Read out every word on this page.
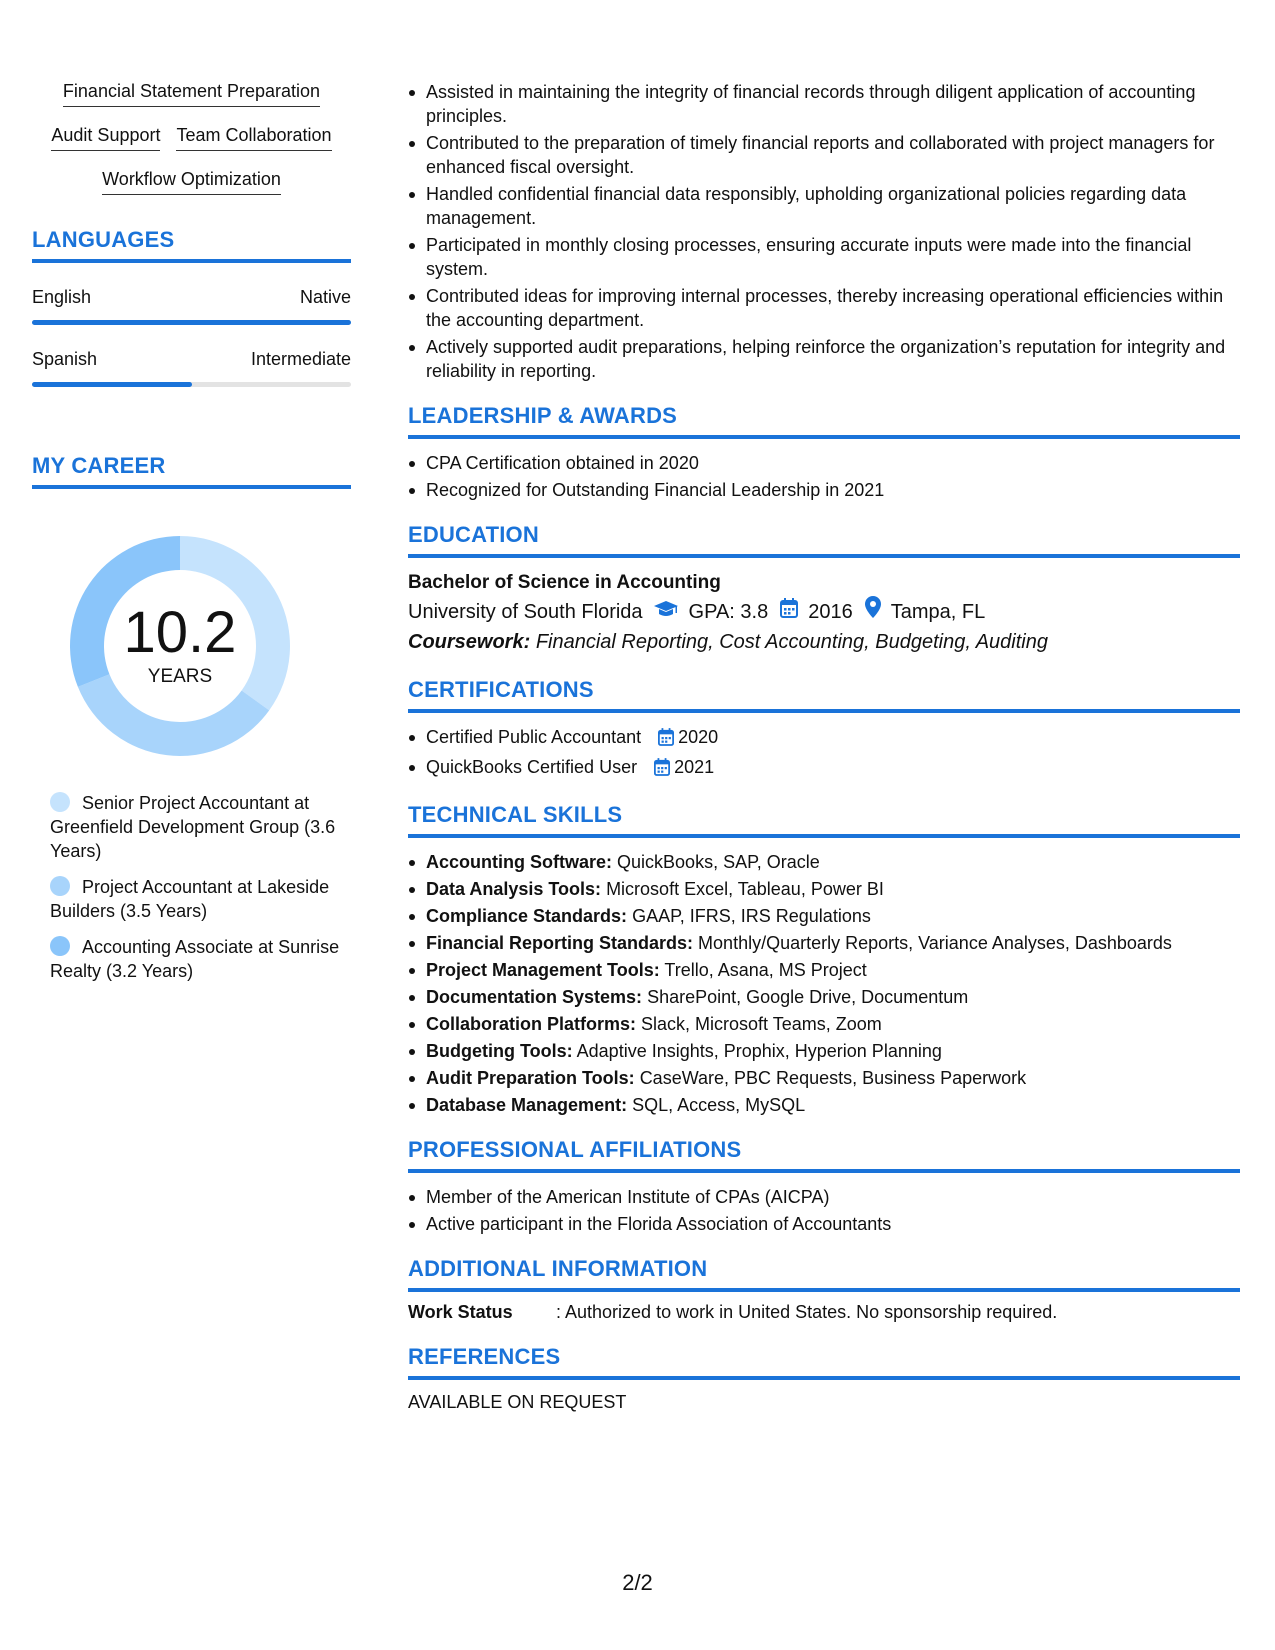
Financial Statement Preparation
Audit Support Team Collaboration
Workflow Optimization
LANGUAGES
English	Native
Spanish	Intermediate
MY CAREER
10.2
YEARS
Senior Project Accountant at Greenfield Development Group (3.6 Years)
Project Accountant at Lakeside Builders (3.5 Years)
Accounting Associate at Sunrise Realty (3.2 Years)
Assisted in maintaining the integrity of financial records through diligent application of accounting principles.
Contributed to the preparation of timely financial reports and collaborated with project managers for enhanced fiscal oversight.
Handled confidential financial data responsibly, upholding organizational policies regarding data management.
Participated in monthly closing processes, ensuring accurate inputs were made into the financial system.
Contributed ideas for improving internal processes, thereby increasing operational efficiencies within the accounting department.
Actively supported audit preparations, helping reinforce the organization’s reputation for integrity and reliability in reporting.
LEADERSHIP & AWARDS
CPA Certification obtained in 2020
Recognized for Outstanding Financial Leadership in 2021
EDUCATION
Bachelor of Science in Accounting
University of South Florida GPA: 3.8 2016 Tampa, FL
Coursework: Financial Reporting, Cost Accounting, Budgeting, Auditing
CERTIFICATIONS
Certified Public Accountant 2020
QuickBooks Certified User 2021
TECHNICAL SKILLS
Accounting Software: QuickBooks, SAP, Oracle
Data Analysis Tools: Microsoft Excel, Tableau, Power BI
Compliance Standards: GAAP, IFRS, IRS Regulations
Financial Reporting Standards: Monthly/Quarterly Reports, Variance Analyses, Dashboards
Project Management Tools: Trello, Asana, MS Project
Documentation Systems: SharePoint, Google Drive, Documentum
Collaboration Platforms: Slack, Microsoft Teams, Zoom
Budgeting Tools: Adaptive Insights, Prophix, Hyperion Planning
Audit Preparation Tools: CaseWare, PBC Requests, Business Paperwork
Database Management: SQL, Access, MySQL
PROFESSIONAL AFFILIATIONS
Member of the American Institute of CPAs (AICPA)
Active participant in the Florida Association of Accountants
ADDITIONAL INFORMATION
Work Status	: Authorized to work in United States. No sponsorship required.
REFERENCES
AVAILABLE ON REQUEST
2/2
